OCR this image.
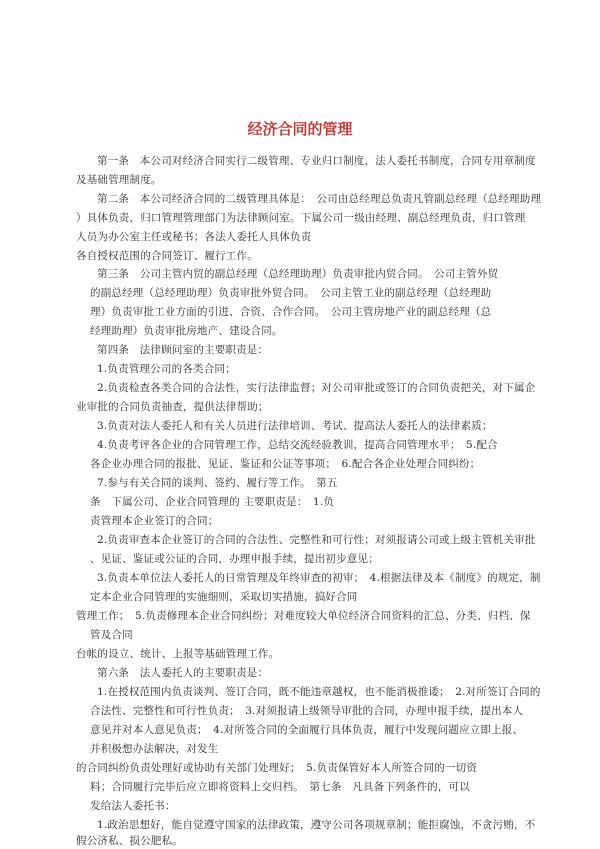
经济合同的管理
第一条　本公司对经济合同实行二级管理、专业归口制度，法人委托书制度，合同专用章制度
及基础管理制度。
第二条　本公司经济合同的二级管理具体是：　公司由总经理总负责凡管副总经理（总经理助理
）具体负责，归口管理管理部门为法律顾问室。下属公司一级由经理、副总经理负责，归口管理
人员为办公室主任或秘书；各法人委托人具体负责
各自授权范围的合同签订、履行工作。
第三条　公司主管内贸的副总经理（总经理助理）负责审批内贸合同。　公司主管外贸
的副总经理（总经理助理）负责审批外贸合同。　公司主管工业的副总经理（总经理助
理）负责审批工业方面的引进、合资、合作合同。　公司主管房地产业的副总经理（总
经理助理）负责审批房地产、建设合同。
第四条　法律顾问室的主要职责是：
1.负责管理公司的各类合同；
2.负责检查各类合同的合法性，实行法律监督；对公司审批或签订的合同负责把关，对下属企
业审批的合同负责抽查，提供法律帮助；
3.负责对法人委托人和有关人员进行法律培训、考试、提高法人委托人的法律素质；
4.负责考评各企业的合同管理工作，总结交流经验教训，提高合同管理水平；　5.配合
各企业办理合同的报批、见证、鉴证和公证等事项；　6.配合各企业处理合同纠纷；
7.参与有关合同的谈判、签约、履行等工作。　第五
条　下属公司、企业合同管理的 主要职责是：　1.负
责管理本企业签订的合同；
2.负责审查本企业签订的合同的合法性、完整性和可行性；对须报请公司或上级主管机关审批
、见证、鉴证或公证的合同，办理申报手续，提出初步意见；
3.负责本单位法人委托人的日常管理及年终审查的初审；　4.根据法律及本《制度》的规定，制
定本企业合同管理的实施细则，采取切实措施，搞好合同
管理工作；　5.负责修理本企业合同纠纷；对难度较大单位经济合同资料的汇总、分类、归档、保
管及合同
台帐的设立、统计、上报等基础管理工作。
第六条　法人委托人的主要职责是：
1.在授权范围内负责谈判、签订合同，既不能违章越权，也不能消极推诿；　2.对所签订合同的
合法性、完整性和可行性负责；　3.对须报请上级领导审批的合同，办理申报手续，提出本人
意见并对本人意见负责；　4.对所签合同的全面履行具体负责，履行中发现问题应立即上报、
并积极想办法解决，对发生
的合同纠纷负责处理好或协助有关部门处理好；　5.负责保管好本人所签合同的一切资
料；合同履行完毕后应立即将资料上交归档。　第七条　凡具备下列条件的，可以
发给法人委托书：
1.政治思想好，能自觉遵守国家的法律政策，遵守公司各项规章制；能拒腐蚀，不贪污贿，不
假公济私、损公肥私。
